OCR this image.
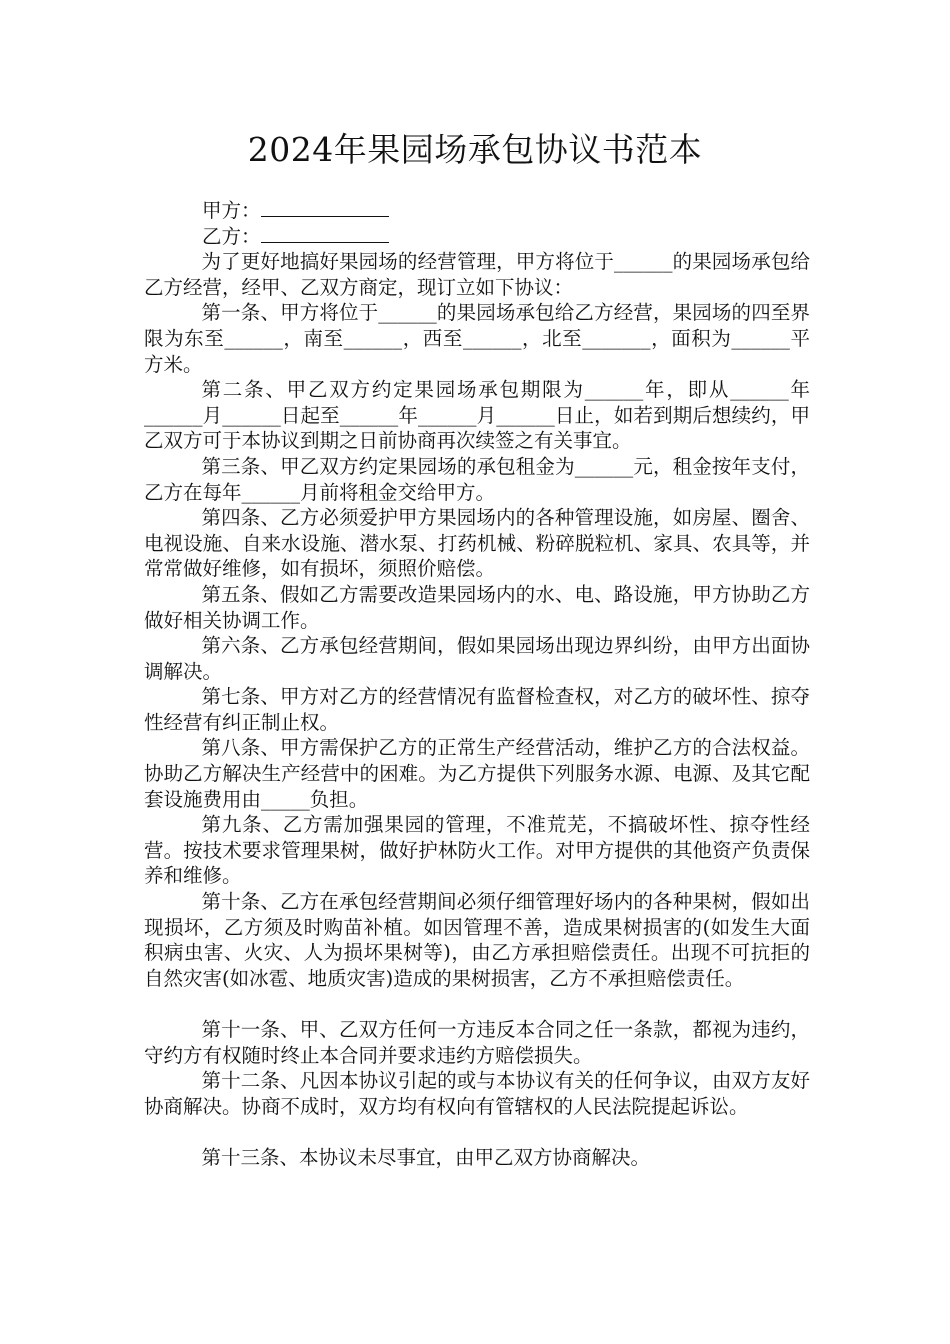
2024年果园场承包协议书范本

甲方：

乙方：

为了更好地搞好果园场的经营管理，甲方将位于______的果园场承包给乙方经营，经甲、乙双方商定，现订立如下协议：

第一条、甲方将位于______的果园场承包给乙方经营，果园场的四至界限为东至______，南至______，西至______，北至_______，面积为______平方米。

第二条、甲乙双方约定果园场承包期限为______年，即从______年______月______日起至______年______月______日止，如若到期后想续约，甲乙双方可于本协议到期之日前协商再次续签之有关事宜。

第三条、甲乙双方约定果园场的承包租金为______元，租金按年支付，乙方在每年______月前将租金交给甲方。

第四条、乙方必须爱护甲方果园场内的各种管理设施，如房屋、圈舍、电视设施、自来水设施、潜水泵、打药机械、粉碎脱粒机、家具、农具等，并常常做好维修，如有损坏，须照价赔偿。

第五条、假如乙方需要改造果园场内的水、电、路设施，甲方协助乙方做好相关协调工作。

第六条、乙方承包经营期间，假如果园场出现边界纠纷，由甲方出面协调解决。

第七条、甲方对乙方的经营情况有监督检查权，对乙方的破坏性、掠夺性经营有纠正制止权。

第八条、甲方需保护乙方的正常生产经营活动，维护乙方的合法权益。协助乙方解决生产经营中的困难。为乙方提供下列服务水源、电源、及其它配套设施费用由_____负担。

第九条、乙方需加强果园的管理，不准荒芜，不搞破坏性、掠夺性经营。按技术要求管理果树，做好护林防火工作。对甲方提供的其他资产负责保养和维修。

第十条、乙方在承包经营期间必须仔细管理好场内的各种果树，假如出现损坏，乙方须及时购苗补植。如因管理不善，造成果树损害的(如发生大面积病虫害、火灾、人为损坏果树等)，由乙方承担赔偿责任。出现不可抗拒的自然灾害(如冰雹、地质灾害)造成的果树损害，乙方不承担赔偿责任。

第十一条、甲、乙双方任何一方违反本合同之任一条款，都视为违约，守约方有权随时终止本合同并要求违约方赔偿损失。

第十二条、凡因本协议引起的或与本协议有关的任何争议，由双方友好协商解决。协商不成时，双方均有权向有管辖权的人民法院提起诉讼。

第十三条、本协议未尽事宜，由甲乙双方协商解决。
